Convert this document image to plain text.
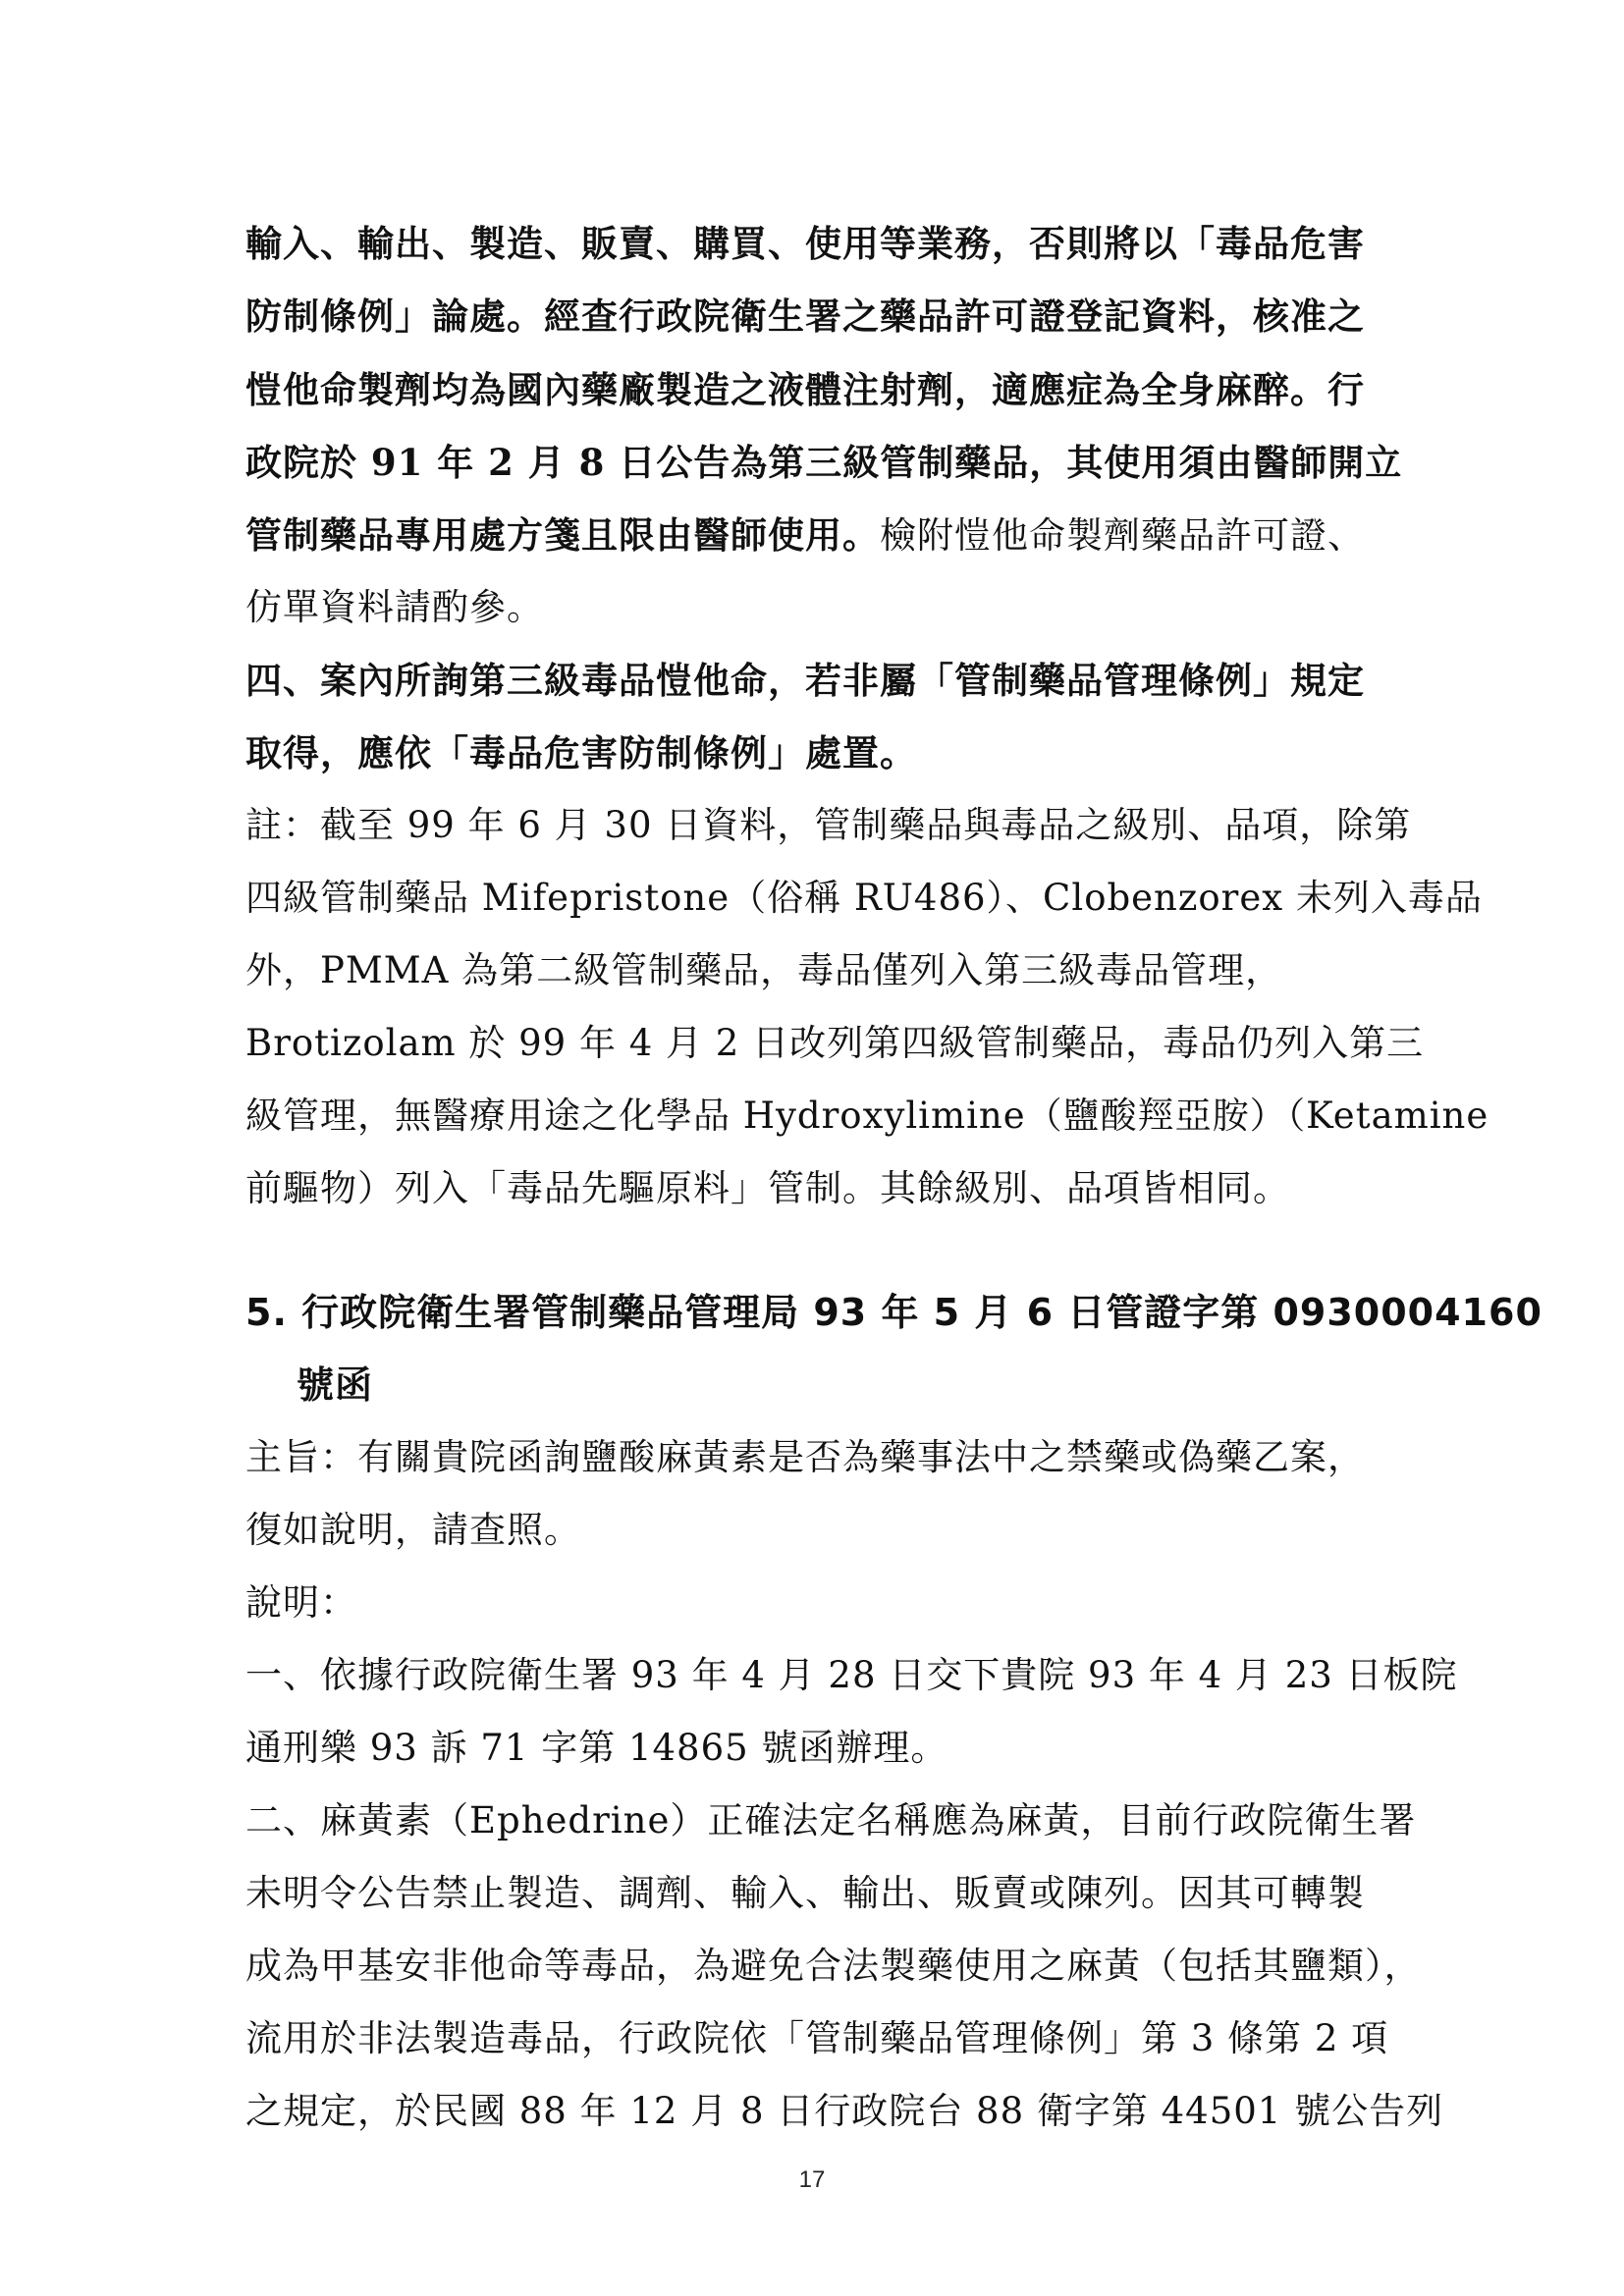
輸入、輸出、製造、販賣、購買、使用等業務，否則將以「毒品危害
防制條例」論處。經查行政院衛生署之藥品許可證登記資料，核准之
愷他命製劑均為國內藥廠製造之液體注射劑，適應症為全身麻醉。行
政院於 91 年 2 月 8 日公告為第三級管制藥品，其使用須由醫師開立
管制藥品專用處方箋且限由醫師使用。檢附愷他命製劑藥品許可證、
仿單資料請酌參。
四、案內所詢第三級毒品愷他命，若非屬「管制藥品管理條例」規定
取得，應依「毒品危害防制條例」處置。
註：截至 99 年 6 月 30 日資料，管制藥品與毒品之級別、品項，除第
四級管制藥品 Mifepristone（俗稱 RU486）、Clobenzorex 未列入毒品
外，PMMA 為第二級管制藥品，毒品僅列入第三級毒品管理，
Brotizolam 於 99 年 4 月 2 日改列第四級管制藥品，毒品仍列入第三
級管理，無醫療用途之化學品 Hydroxylimine（鹽酸羥亞胺）（Ketamine
前驅物）列入「毒品先驅原料」管制。其餘級別、品項皆相同。
5. 行政院衛生署管制藥品管理局 93 年 5 月 6 日管證字第 0930004160
號函
主旨：有關貴院函詢鹽酸麻黃素是否為藥事法中之禁藥或偽藥乙案，
復如說明，請查照。
說明：
一、依據行政院衛生署 93 年 4 月 28 日交下貴院 93 年 4 月 23 日板院
通刑樂 93 訴 71 字第 14865 號函辦理。
二、麻黃素（Ephedrine）正確法定名稱應為麻黃，目前行政院衛生署
未明令公告禁止製造、調劑、輸入、輸出、販賣或陳列。因其可轉製
成為甲基安非他命等毒品，為避免合法製藥使用之麻黃（包括其鹽類），
流用於非法製造毒品，行政院依「管制藥品管理條例」第 3 條第 2 項
之規定，於民國 88 年 12 月 8 日行政院台 88 衛字第 44501 號公告列
17
